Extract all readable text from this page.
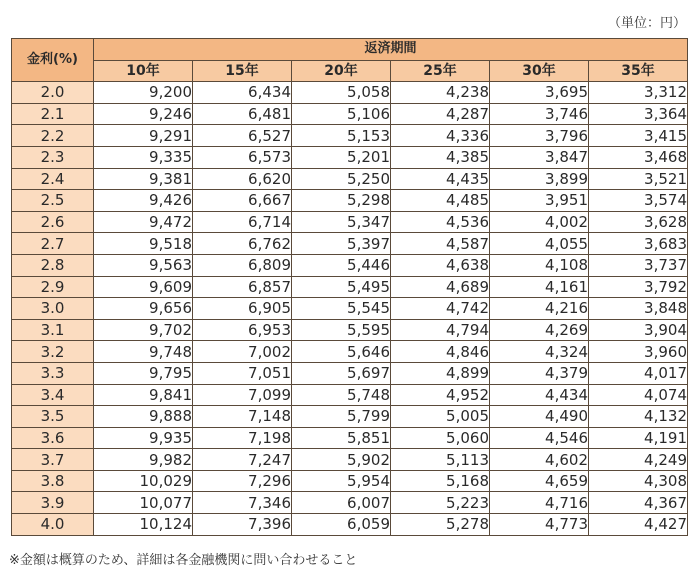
（単位：円）
金利(%)	返済期間					
	10年	15年	20年	25年	30年	35年
2.0	9,200	6,434	5,058	4,238	3,695	3,312
2.1	9,246	6,481	5,106	4,287	3,746	3,364
2.2	9,291	6,527	5,153	4,336	3,796	3,415
2.3	9,335	6,573	5,201	4,385	3,847	3,468
2.4	9,381	6,620	5,250	4,435	3,899	3,521
2.5	9,426	6,667	5,298	4,485	3,951	3,574
2.6	9,472	6,714	5,347	4,536	4,002	3,628
2.7	9,518	6,762	5,397	4,587	4,055	3,683
2.8	9,563	6,809	5,446	4,638	4,108	3,737
2.9	9,609	6,857	5,495	4,689	4,161	3,792
3.0	9,656	6,905	5,545	4,742	4,216	3,848
3.1	9,702	6,953	5,595	4,794	4,269	3,904
3.2	9,748	7,002	5,646	4,846	4,324	3,960
3.3	9,795	7,051	5,697	4,899	4,379	4,017
3.4	9,841	7,099	5,748	4,952	4,434	4,074
3.5	9,888	7,148	5,799	5,005	4,490	4,132
3.6	9,935	7,198	5,851	5,060	4,546	4,191
3.7	9,982	7,247	5,902	5,113	4,602	4,249
3.8	10,029	7,296	5,954	5,168	4,659	4,308
3.9	10,077	7,346	6,007	5,223	4,716	4,367
4.0	10,124	7,396	6,059	5,278	4,773	4,427
※金額は概算のため、詳細は各金融機関に問い合わせること
